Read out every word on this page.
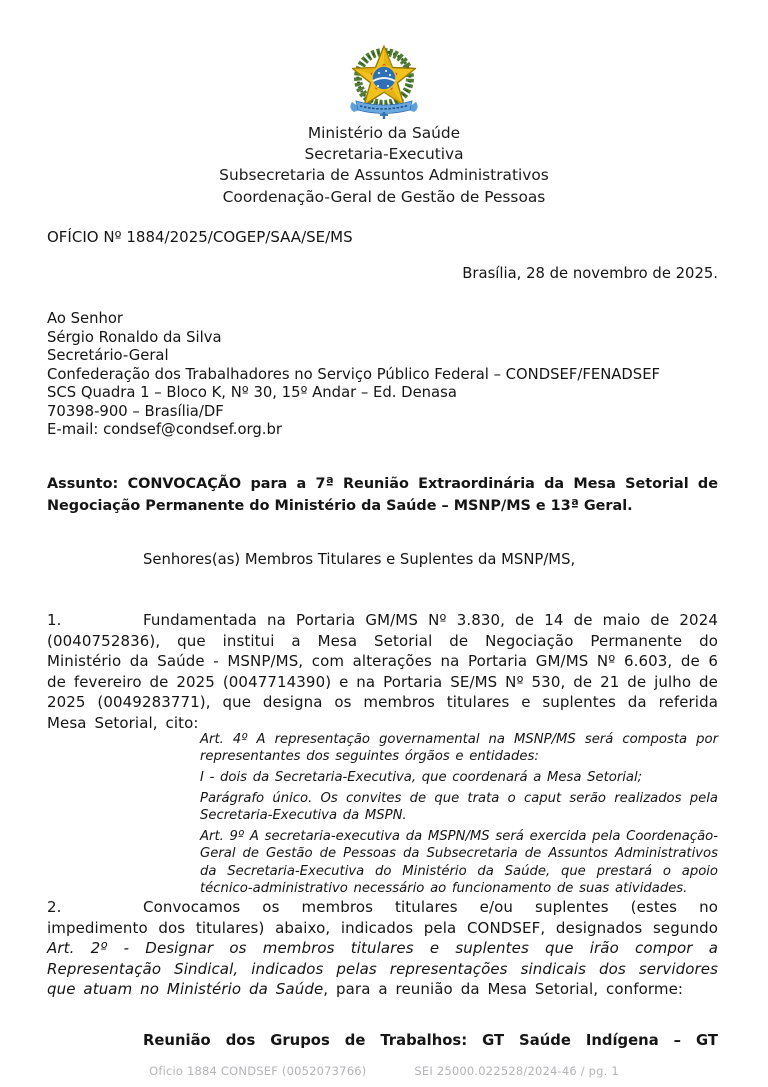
Ministério da Saúde
Secretaria-Executiva
Subsecretaria de Assuntos Administrativos
Coordenação-Geral de Gestão de Pessoas
OFÍCIO Nº 1884/2025/COGEP/SAA/SE/MS
Brasília, 28 de novembro de 2025.
Ao Senhor
Sérgio Ronaldo da Silva
Secretário-Geral
Confederação dos Trabalhadores no Serviço Público Federal – CONDSEF/FENADSEF
SCS Quadra 1 – Bloco K, Nº 30, 15º Andar – Ed. Denasa
70398-900 – Brasília/DF
E-mail: condsef@condsef.org.br
Assunto: CONVOCAÇÃO para a 7ª Reunião Extraordinária da Mesa Setorial de
Negociação Permanente do Ministério da Saúde – MSNP/MS e 13ª Geral.
Senhores(as) Membros Titulares e Suplentes da MSNP/MS,
1.	Fundamentada na Portaria GM/MS Nº 3.830, de 14 de maio de 2024 (0040752836), que institui a Mesa Setorial de Negociação Permanente do Ministério da Saúde - MSNP/MS, com alterações na Portaria GM/MS Nº 6.603, de 6 de fevereiro de 2025 (0047714390) e na Portaria SE/MS Nº 530, de 21 de julho de 2025 (0049283771), que designa os membros titulares e suplentes da referida Mesa Setorial, cito:

Art. 4º A representação governamental na MSNP/MS será composta por representantes dos seguintes órgãos e entidades:

I - dois da Secretaria-Executiva, que coordenará a Mesa Setorial;

Parágrafo único. Os convites de que trata o caput serão realizados pela Secretaria-Executiva da MSPN.

Art. 9º A secretaria-executiva da MSPN/MS será exercida pela Coordenação-Geral de Gestão de Pessoas da Subsecretaria de Assuntos Administrativos da Secretaria-Executiva do Ministério da Saúde, que prestará o apoio técnico-administrativo necessário ao funcionamento de suas atividades.

2.	Convocamos os membros titulares e/ou suplentes (estes no impedimento dos titulares) abaixo, indicados pela CONDSEF, designados segundo Art. 2º - Designar os membros titulares e suplentes que irão compor a Representação Sindical, indicados pelas representações sindicais dos servidores que atuam no Ministério da Saúde, para a reunião da Mesa Setorial, conforme:
Reunião dos Grupos de Trabalhos: GT Saúde Indígena – GT
Oficio 1884 CONDSEF (0052073766)	SEI 25000.022528/2024-46 / pg. 1
